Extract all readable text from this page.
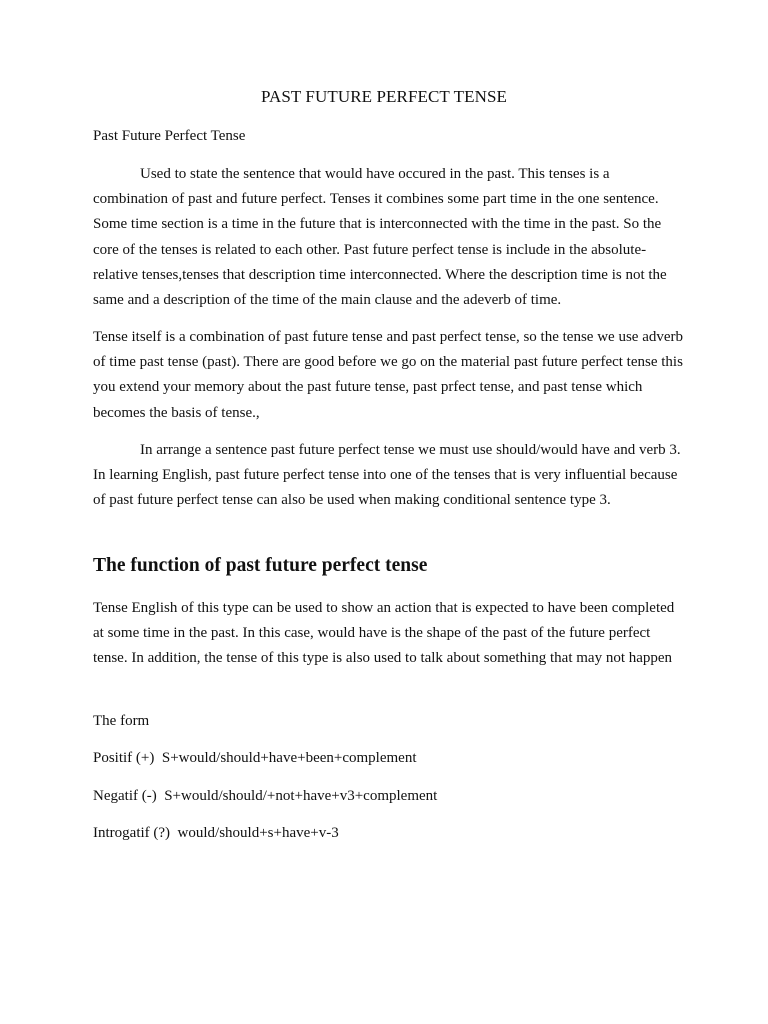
PAST FUTURE PERFECT TENSE
Past Future Perfect Tense

Used to state the sentence that would have occured in the past. This tenses is a combination of past and future perfect. Tenses it combines some part time in the one sentence. Some time section is a time in the future that is interconnected with the time in the past. So the core of the tenses is related to each other. Past future perfect tense is include in the absolute-relative tenses,tenses that description time interconnected. Where the description time is not the same and a description of the time of the main clause and the adeverb of time.

Tense itself is a combination of past future tense and past perfect tense, so the tense we use adverb of time past tense (past). There are good before we go on the material past future perfect tense this you extend your memory about the past future tense, past prfect tense, and past tense which becomes the basis of tense.,

In arrange a sentence past future perfect tense we must use should/would have and verb 3. In learning English, past future perfect tense into one of the tenses that is very influential because of past future perfect tense can also be used when making conditional sentence type 3.

The function of past future perfect tense

Tense English of this type can be used to show an action that is expected to have been completed at some time in the past. In this case, would have is the shape of the past of the future perfect tense. In addition, the tense of this type is also used to talk about something that may not happen

The form
Positif (+)  S+would/should+have+been+complement
Negatif (-)  S+would/should/+not+have+v3+complement
Introgatif (?)  would/should+s+have+v-3
